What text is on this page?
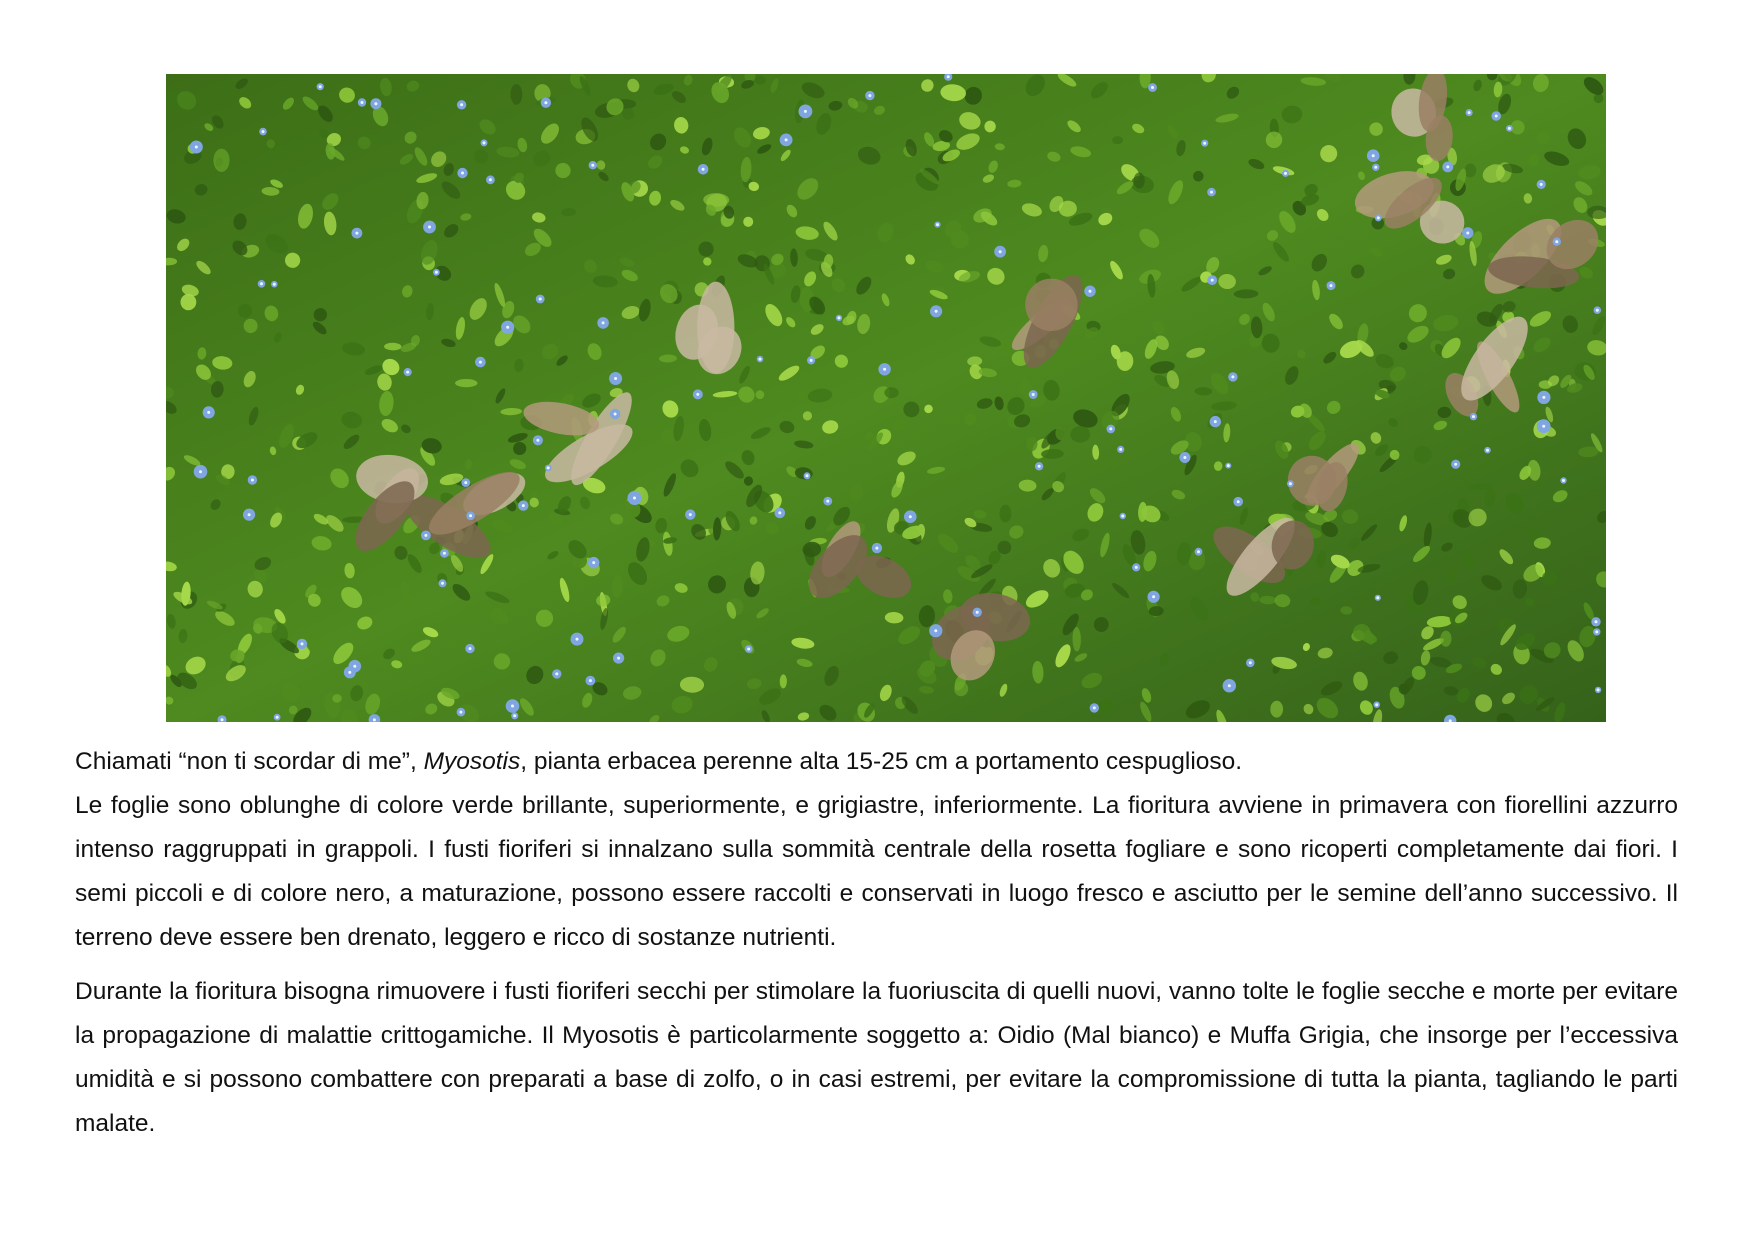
Chiamati “non ti scordar di me”, Myosotis, pianta erbacea perenne alta 15-25 cm a portamento cespuglioso.

Le foglie sono oblunghe di colore verde brillante, superiormente, e grigiastre, inferiormente. La fioritura avviene in primavera con fiorellini azzurro intenso raggruppati in grappoli. I fusti fioriferi si innalzano sulla sommità centrale della rosetta fogliare e sono ricoperti completamente dai fiori. I semi piccoli e di colore nero, a maturazione, possono essere raccolti e conservati in luogo fresco e asciutto per le semine dell’anno successivo. Il terreno deve essere ben drenato, leggero e ricco di sostanze nutrienti.

Durante la fioritura bisogna rimuovere i fusti fioriferi secchi per stimolare la fuoriuscita di quelli nuovi, vanno tolte le foglie secche e morte per evitare la propagazione di malattie crittogamiche. Il Myosotis è particolarmente soggetto a: Oidio (Mal bianco) e Muffa Grigia, che insorge per l’eccessiva umidità e si possono combattere con preparati a base di zolfo, o in casi estremi, per evitare la compromissione di tutta la pianta, tagliando le parti malate.
